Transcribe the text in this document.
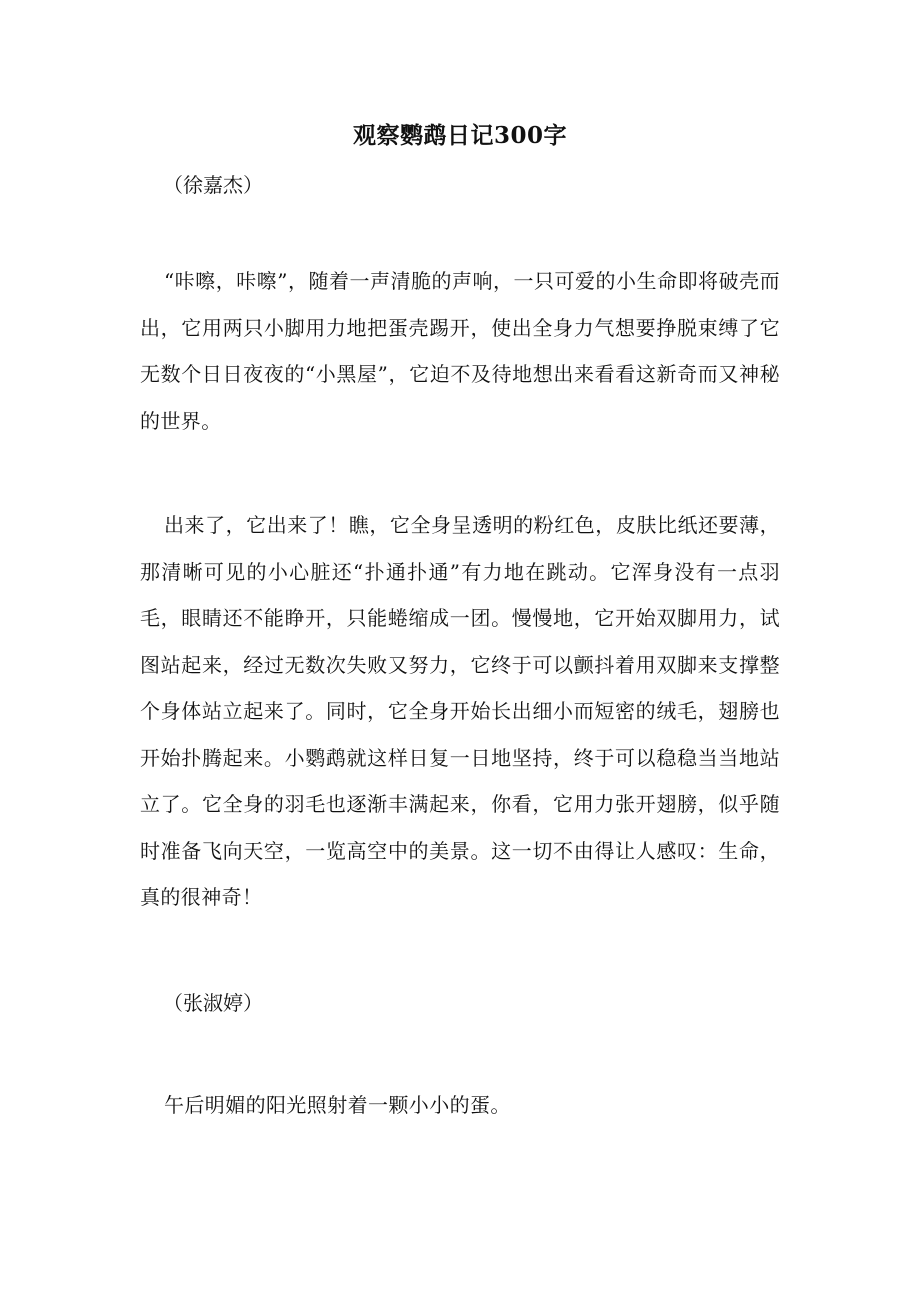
观察鹦鹉日记300字
（徐嘉杰）
“咔嚓，咔嚓”，随着一声清脆的声响，一只可爱的小生命即将破壳而出，它用两只小脚用力地把蛋壳踢开，使出全身力气想要挣脱束缚了它无数个日日夜夜的“小黑屋”，它迫不及待地想出来看看这新奇而又神秘的世界。
出来了，它出来了！瞧，它全身呈透明的粉红色，皮肤比纸还要薄，那清晰可见的小心脏还“扑通扑通”有力地在跳动。它浑身没有一点羽毛，眼睛还不能睁开，只能蜷缩成一团。慢慢地，它开始双脚用力，试图站起来，经过无数次失败又努力，它终于可以颤抖着用双脚来支撑整个身体站立起来了。同时，它全身开始长出细小而短密的绒毛，翅膀也开始扑腾起来。小鹦鹉就这样日复一日地坚持，终于可以稳稳当当地站立了。它全身的羽毛也逐渐丰满起来，你看，它用力张开翅膀，似乎随时准备飞向天空，一览高空中的美景。这一切不由得让人感叹：生命，真的很神奇！
（张淑婷）
午后明媚的阳光照射着一颗小小的蛋。
